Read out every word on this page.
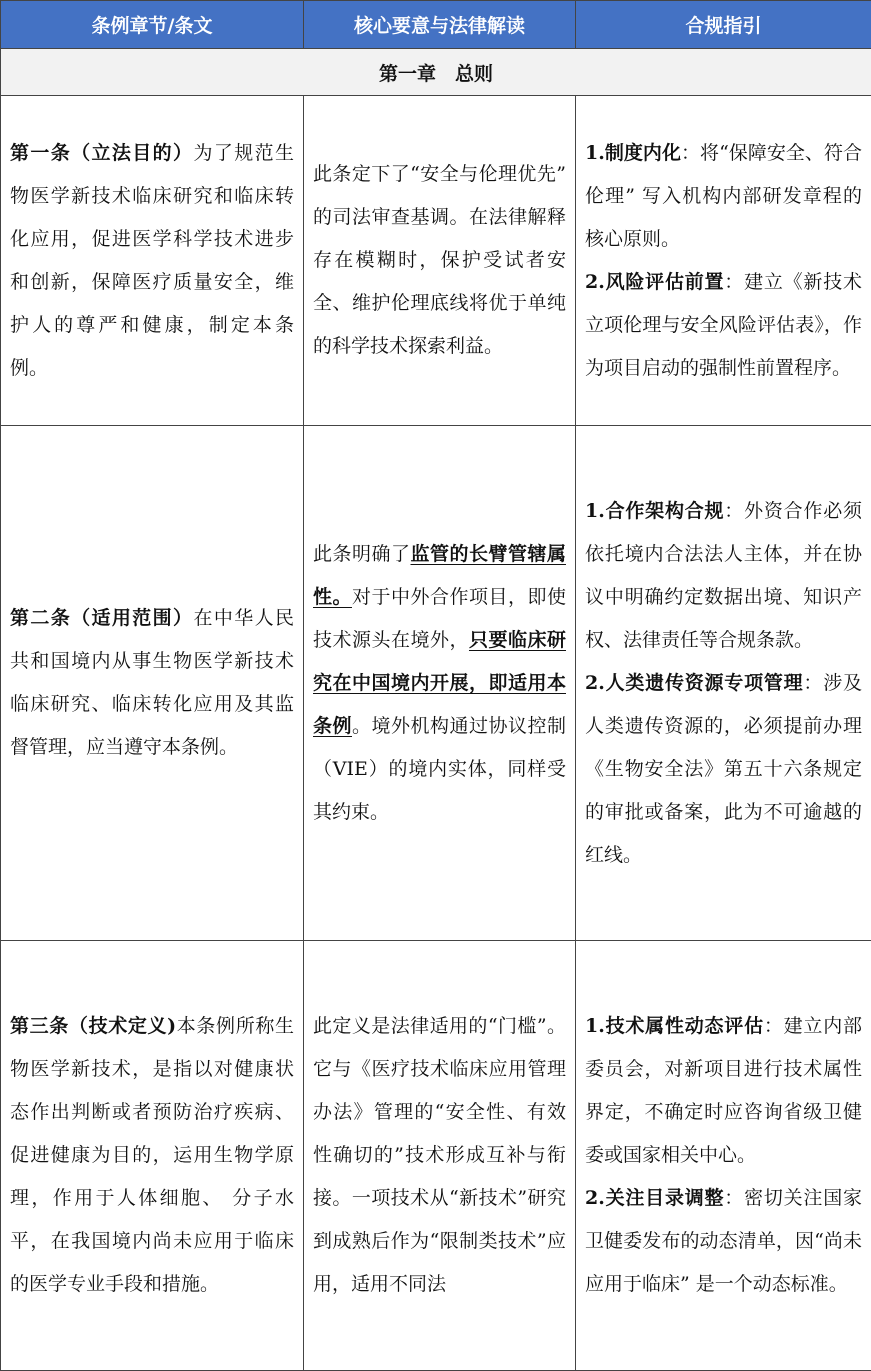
条例章节/条文	核心要意与法律解读	合规指引
第一章　总则		
第一条（立法目的）为了规范生物医学新技术临床研究和临床转化应用，促进医学科学技术进步和创新，保障医疗质量安全，维护人的尊严和健康，制定本条例。	此条定下了“安全与伦理优先” 的司法审查基调。在法律解释存在模糊时，保护受试者安全、维护伦理底线将优于单纯的科学技术探索利益。	1.制度内化：将“保障安全、符合伦理” 写入机构内部研发章程的核心原则。

2.风险评估前置：建立《新技术立项伦理与安全风险评估表》，作为项目启动的强制性前置程序。

第二条（适用范围）在中华人民共和国境内从事生物医学新技术临床研究、临床转化应用及其监督管理，应当遵守本条例。	此条明确了监管的长臂管辖属性。对于中外合作项目，即使技术源头在境外，只要临床研究在中国境内开展，即适用本条例。境外机构通过协议控制（VIE）的境内实体，同样受其约束。	1.合作架构合规：外资合作必须依托境内合法法人主体，并在协议中明确约定数据出境、知识产权、法律责任等合规条款。

2.人类遗传资源专项管理：涉及人类遗传资源的，必须提前办理《生物安全法》第五十六条规定的审批或备案，此为不可逾越的红线。

第三条（技术定义)本条例所称生物医学新技术，是指以对健康状态作出判断或者预防治疗疾病、促进健康为目的，运用生物学原理，作用于人体细胞、 分子水平，在我国境内尚未应用于临床的医学专业手段和措施。	此定义是法律适用的“门槛”。它与《医疗技术临床应用管理办法》管理的“安全性、有效性确切的”技术形成互补与衔接。一项技术从“新技术”研究到成熟后作为“限制类技术”应用，适用不同法	1.技术属性动态评估：建立内部委员会，对新项目进行技术属性界定，不确定时应咨询省级卫健委或国家相关中心。

2.关注目录调整：密切关注国家卫健委发布的动态清单，因“尚未应用于临床” 是一个动态标准。
